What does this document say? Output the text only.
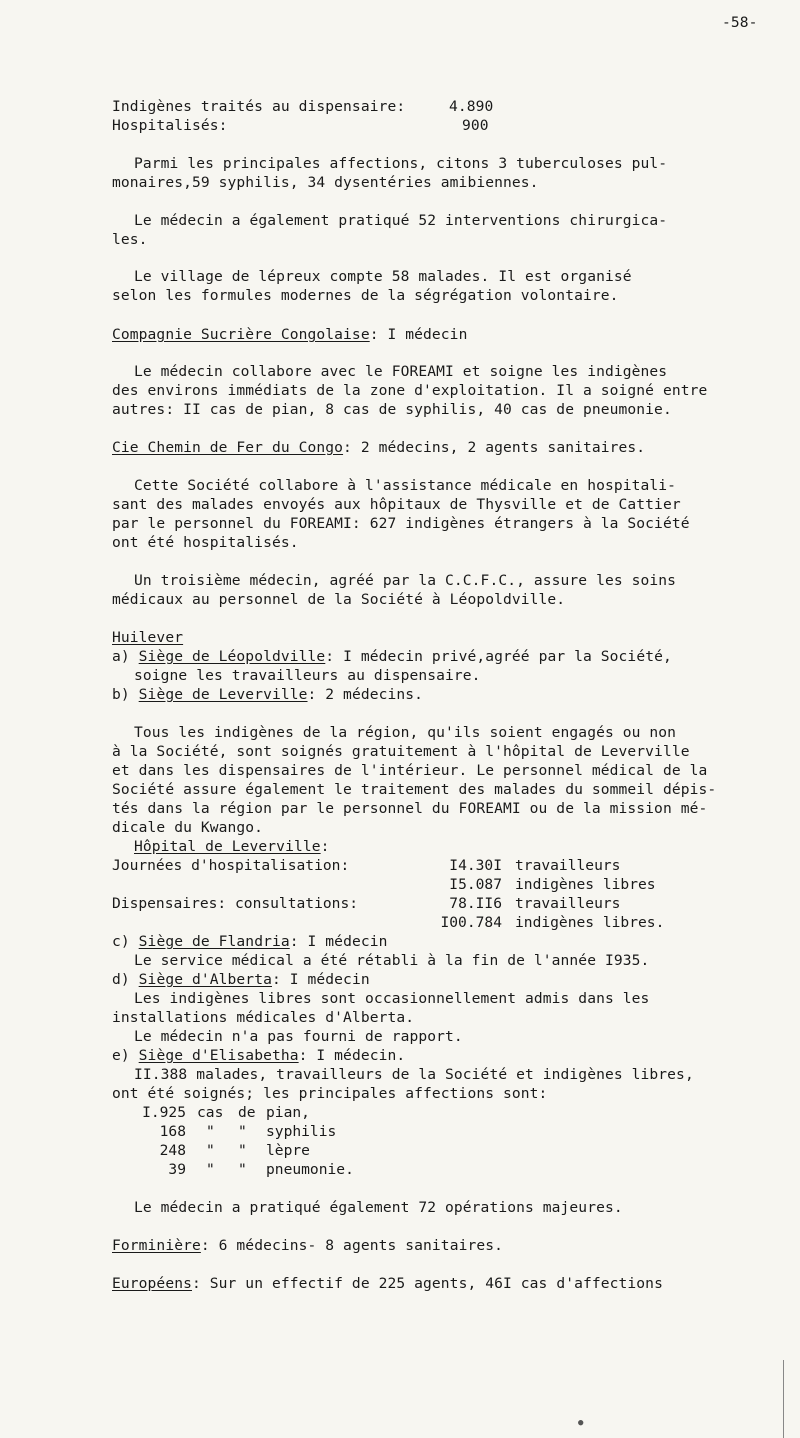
-58-
Indigènes traités au dispensaire:	4.890
Hospitalisés:	900
Parmi les principales affections, citons 3 tuberculoses pul-
monaires,59 syphilis, 34 dysentéries amibiennes.
Le médecin a également pratiqué 52 interventions chirurgica-
les.
Le village de lépreux compte 58 malades. Il est organisé
selon les formules modernes de la ségrégation volontaire.
Compagnie Sucrière Congolaise: I médecin
Le médecin collabore avec le FOREAMI et soigne les indigènes
des environs immédiats de la zone d'exploitation. Il a soigné entre
autres: II cas de pian, 8 cas de syphilis, 40 cas de pneumonie.
Cie Chemin de Fer du Congo: 2 médecins, 2 agents sanitaires.
Cette Société collabore à l'assistance médicale en hospitali-
sant des malades envoyés aux hôpitaux de Thysville et de Cattier
par le personnel du FOREAMI: 627 indigènes étrangers à la Société
ont été hospitalisés.
Un troisième médecin, agréé par la C.C.F.C., assure les soins
médicaux au personnel de la Société à Léopoldville.
Huilever
a) Siège de Léopoldville: I médecin privé,agréé par la Société,
soigne les travailleurs au dispensaire.
b) Siège de Leverville: 2 médecins.
Tous les indigènes de la région, qu'ils soient engagés ou non
à la Société, sont soignés gratuitement à l'hôpital de Leverville
et dans les dispensaires de l'intérieur. Le personnel médical de la
Société assure également le traitement des malades du sommeil dépis-
tés dans la région par le personnel du FOREAMI ou de la mission mé-
dicale du Kwango.
Hôpital de Leverville:
Journées d'hospitalisation:	I4.30I travailleurs
I5.087 indigènes libres
Dispensaires: consultations:	78.II6 travailleurs
I00.784 indigènes libres.
c) Siège de Flandria: I médecin
Le service médical a été rétabli à la fin de l'année I935.
d) Siège d'Alberta: I médecin
Les indigènes libres sont occasionnellement admis dans les
installations médicales d'Alberta.
Le médecin n'a pas fourni de rapport.
e) Siège d'Elisabetha: I médecin.
II.388 malades, travailleurs de la Société et indigènes libres,
ont été soignés; les principales affections sont:
I.925 cas de pian,
168 " " syphilis
248 " " lèpre
39 " " pneumonie.
Le médecin a pratiqué également 72 opérations majeures.
Forminière: 6 médecins- 8 agents sanitaires.
Européens: Sur un effectif de 225 agents, 46I cas d'affections
●
